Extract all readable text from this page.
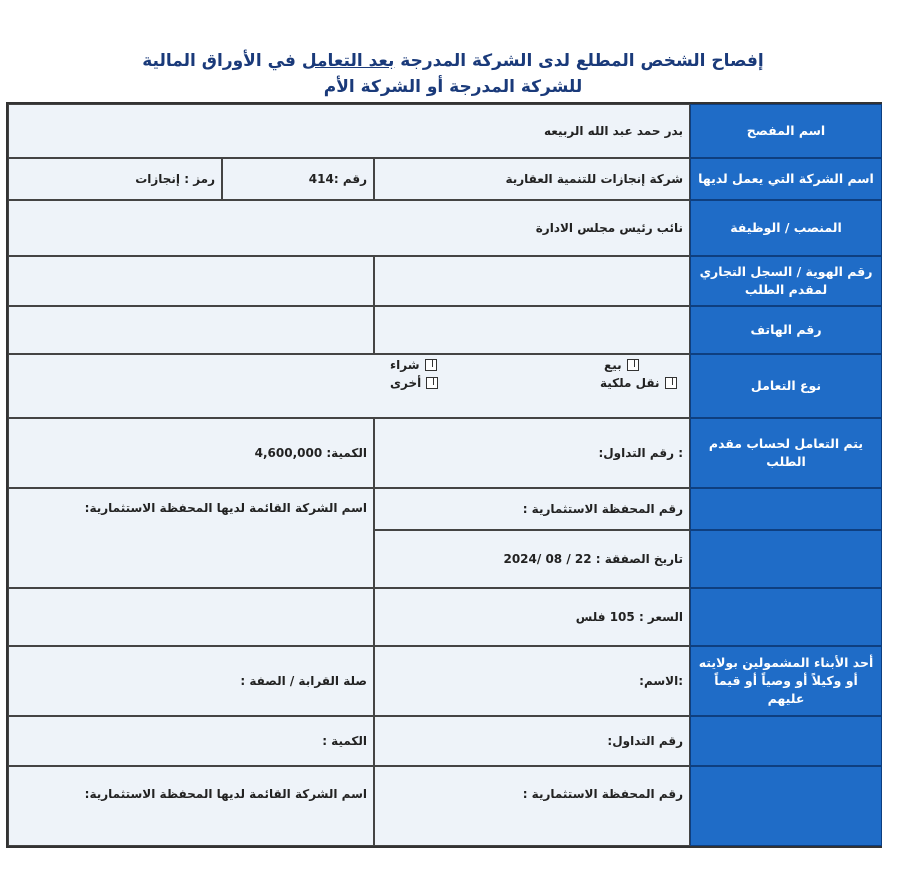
إفصاح الشخص المطلع لدى الشركة المدرجة بعد التعامل في الأوراق المالية
للشركة المدرجة أو الشركة الأم
اسم المفصح
بدر حمد عبد الله الربيعه
اسم الشركة التي يعمل لديها
شركة إنجازات للتنمية العقارية
رقم :414
رمز : إنجازات
المنصب / الوظيفة
نائب رئيس مجلس الادارة
رقم الهوية / السجل التجاري لمقدم الطلب
رقم الهاتف
نوع التعامل
بيع
شراء
نقل ملكية
أخرى
يتم التعامل لحساب مقدم الطلب
: رقم التداول:
الكمية: 4,600,000
رقم المحفظة الاستثمارية :
اسم الشركة القائمة لديها المحفظة الاستثمارية:
تاريخ الصفقة : 22 / 08 /2024
السعر : 105 فلس
أحد الأبناء المشمولين بولايته أو وكيلاً أو وصياً أو قيماً عليهم
:الاسم:
صلة القرابة / الصفة :
رقم التداول:
الكمية :
رقم المحفظة الاستثمارية :
اسم الشركة القائمة لديها المحفظة الاستثمارية:
